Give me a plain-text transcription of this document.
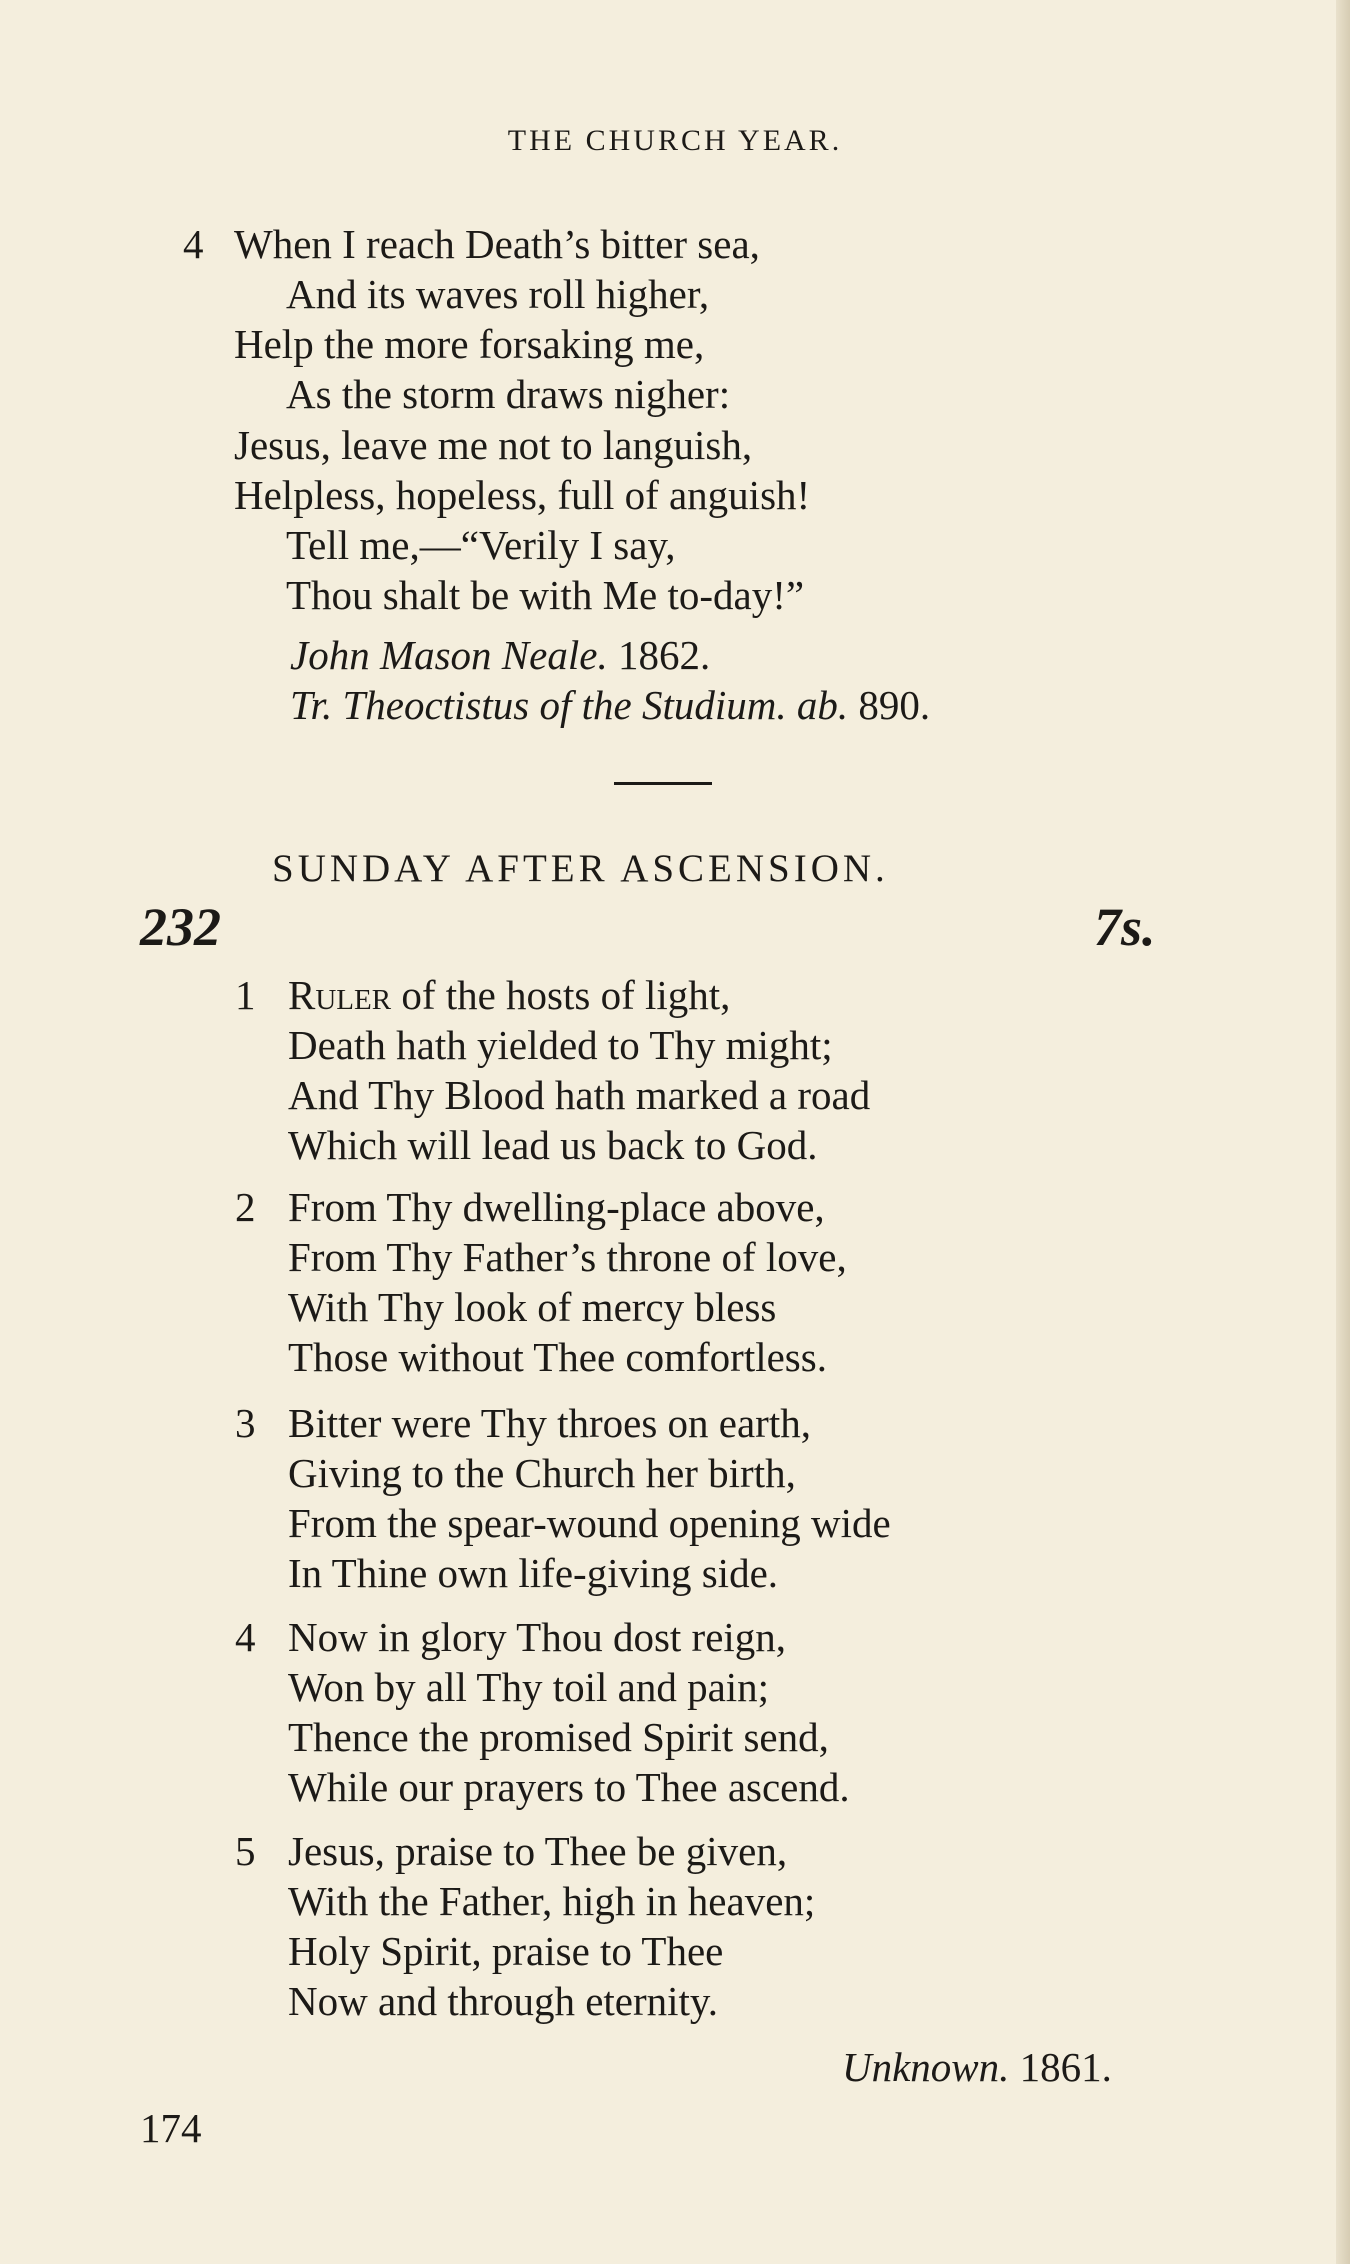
THE CHURCH YEAR.
4 When I reach Death’s bitter sea,
And its waves roll higher,
Help the more forsaking me,
As the storm draws nigher:
Jesus, leave me not to languish,
Helpless, hopeless, full of anguish!
Tell me,—“Verily I say,
Thou shalt be with Me to-day!”
John Mason Neale. 1862.
Tr. Theoctistus of the Studium. ab. 890.
SUNDAY AFTER ASCENSION.
232	7s.
1 Ruler of the hosts of light,
Death hath yielded to Thy might;
And Thy Blood hath marked a road
Which will lead us back to God.
2 From Thy dwelling-place above,
From Thy Father’s throne of love,
With Thy look of mercy bless
Those without Thee comfortless.
3 Bitter were Thy throes on earth,
Giving to the Church her birth,
From the spear-wound opening wide
In Thine own life-giving side.
4 Now in glory Thou dost reign,
Won by all Thy toil and pain;
Thence the promised Spirit send,
While our prayers to Thee ascend.
5 Jesus, praise to Thee be given,
With the Father, high in heaven;
Holy Spirit, praise to Thee
Now and through eternity.
Unknown. 1861.
174
